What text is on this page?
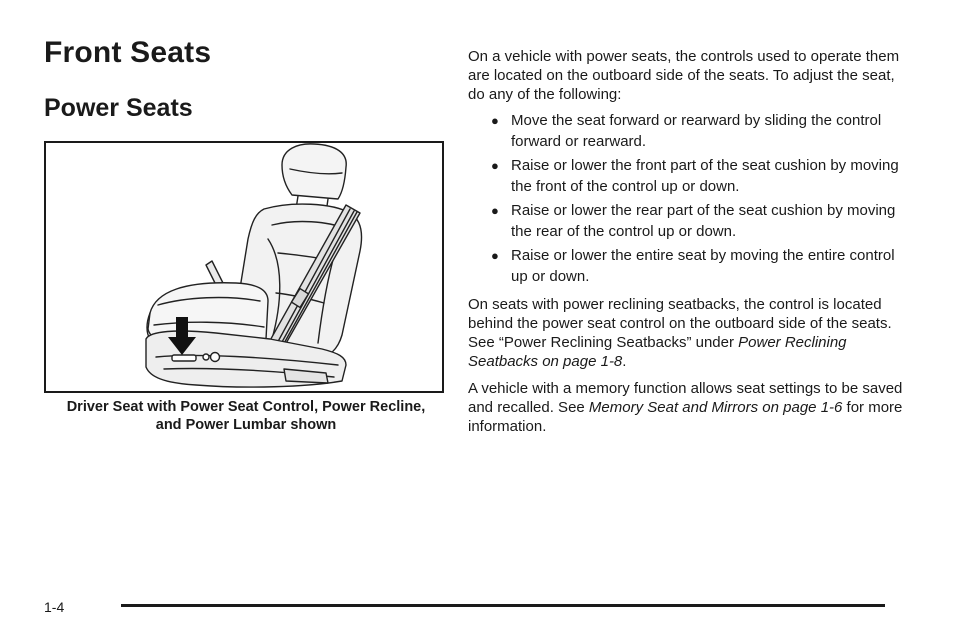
Front Seats
Power Seats
Driver Seat with Power Seat Control, Power Recline,
and Power Lumbar shown

On a vehicle with power seats, the controls used to operate them are located on the outboard side of the seats. To adjust the seat, do any of the following:

● Move the seat forward or rearward by sliding the control forward or rearward.
● Raise or lower the front part of the seat cushion by moving the front of the control up or down.
● Raise or lower the rear part of the seat cushion by moving the rear of the control up or down.
● Raise or lower the entire seat by moving the entire control up or down.

On seats with power reclining seatbacks, the control is located behind the power seat control on the outboard side of the seats. See “Power Reclining Seatbacks” under Power Reclining Seatbacks on page 1-8.

A vehicle with a memory function allows seat settings to be saved and recalled. See Memory Seat and Mirrors on page 1-6 for more information.

1-4
